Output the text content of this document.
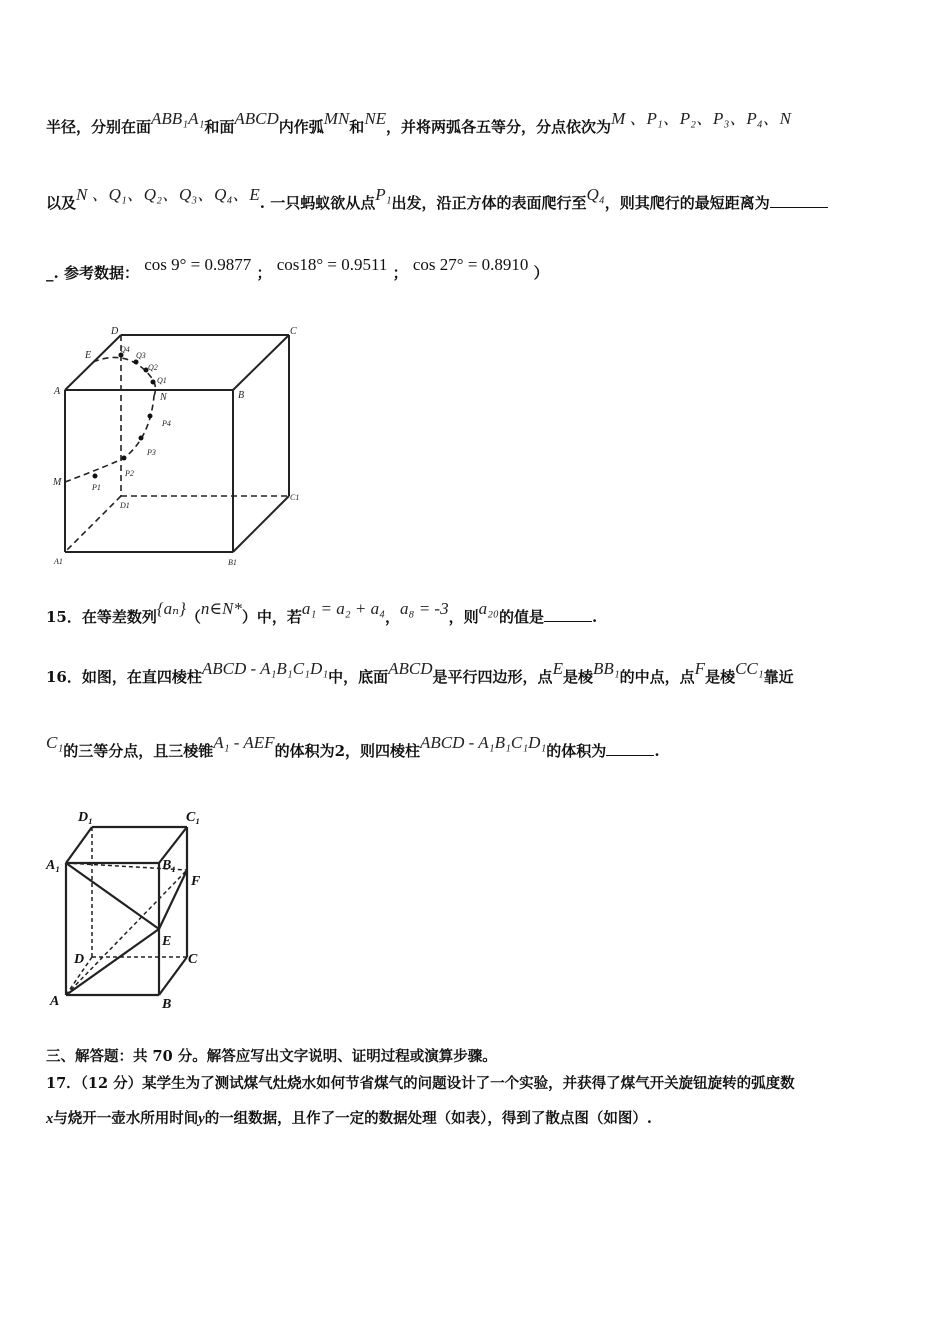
半径，分别在面ABB₁A₁和面ABCD内作弧MN和NE，并将两弧各五等分，分点依次为M 、P₁、P₂、P₃、P₄、N
以及N 、Q₁、Q₂、Q₃、Q₄、E. 一只蚂蚁欲从点P₁出发，沿正方体的表面爬行至Q₄，则其爬行的最短距离为
_. 参考数据： cos 9° = 0.9877 ； cos18° = 0.9511 ； cos 27° = 0.8910 ）
D	C
A	B
E
N
M
Q4
Q3
Q2
Q1
P4
P3
P2
P1
D1
C1
A1	B1
15．在等差数列{aₙ}（n∈N*）中，若a₁ = a₂ + a₄，a₈ = -3，则a₂₀的值是	.
16．如图，在直四棱柱ABCD - A₁B₁C₁D₁中，底面ABCD是平行四边形，点E是棱BB₁的中点，点F是棱CC₁靠近
C₁的三等分点，且三棱锥A₁ - AEF的体积为2，则四棱柱ABCD - A₁B₁C₁D₁的体积为	.
D₁	C₁
A₁	B₁
F
E
D	C
A	B
三、解答题：共 70 分。解答应写出文字说明、证明过程或演算步骤。
17．（12 分）某学生为了测试煤气灶烧水如何节省煤气的问题设计了一个实验，并获得了煤气开关旋钮旋转的弧度数
x与烧开一壶水所用时间y的一组数据，且作了一定的数据处理（如表），得到了散点图（如图）.
